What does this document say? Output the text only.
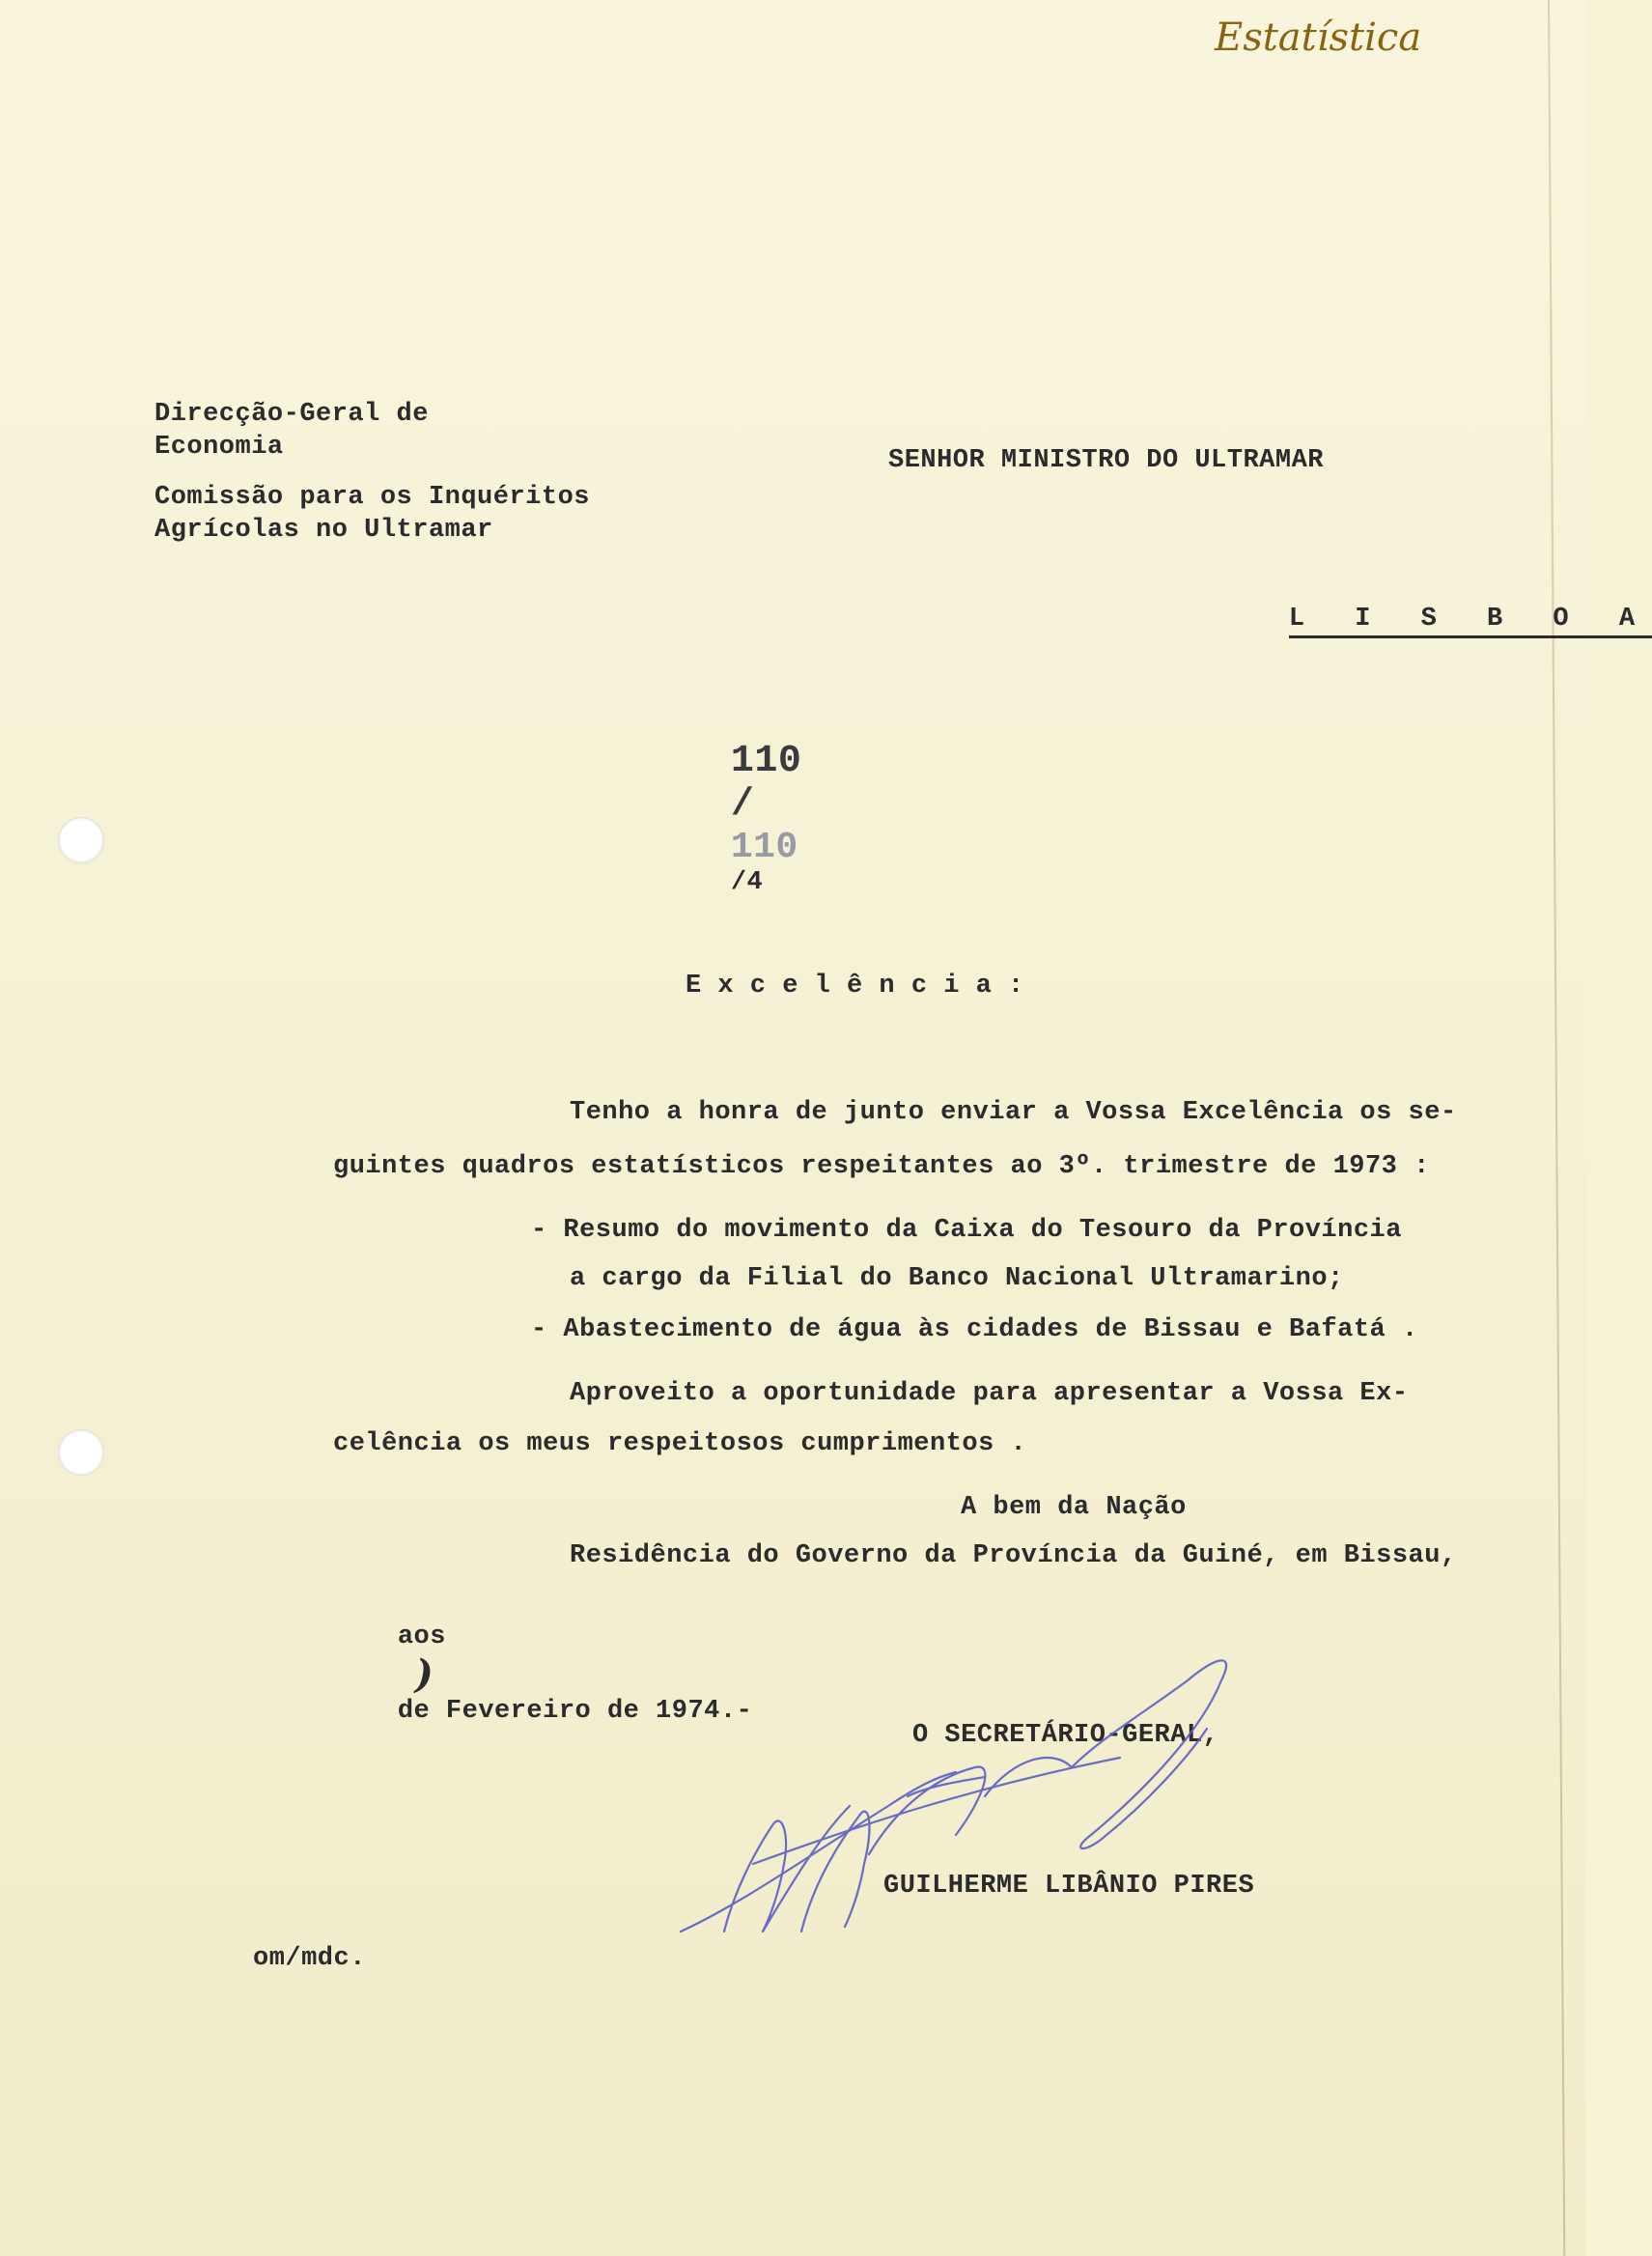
Estatística
Direcção-Geral de
Economia
Comissão para os Inquéritos
Agrícolas no Ultramar
SENHOR MINISTRO DO ULTRAMAR

L I S B O A

110
/
110
/4

E x c e l ê n c i a :
Tenho a honra de junto enviar a Vossa Excelência os se-
guintes quadros estatísticos respeitantes ao 3º. trimestre de 1973 :
- Resumo do movimento da Caixa do Tesouro da Província
a cargo da Filial do Banco Nacional Ultramarino;
- Abastecimento de água às cidades de Bissau e Bafatá .
Aproveito a oportunidade para apresentar a Vossa Ex-
celência os meus respeitosos cumprimentos .
A bem da Nação
Residência do Governo da Província da Guiné, em Bissau,

aos
)
de Fevereiro de 1974.-

O SECRETÁRIO-GERAL,
GUILHERME LIBÂNIO PIRES
om/mdc.
